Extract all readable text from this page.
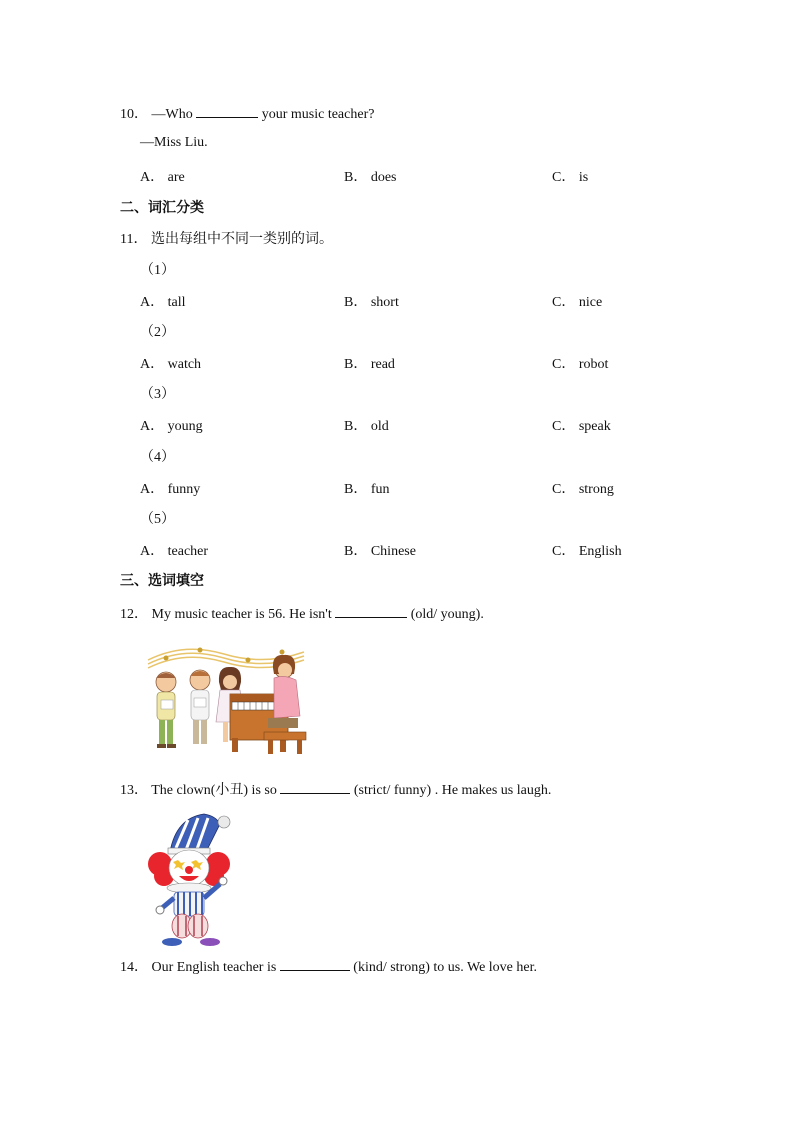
10． —Who	your music teacher?
—Miss Liu.
A． are	B． does	C． is
二、词汇分类
11． 选出每组中不同一类别的词。
（1）
A． tall	B． short	C． nice
（2）
A． watch	B． read	C． robot
（3）
A． young	B． old	C． speak
（4）
A． funny	B． fun	C． strong
（5）
A． teacher	B． Chinese	C． English
三、选词填空
12． My music teacher is 56. He isn't	(old/ young).
13． The clown(小丑) is so	(strict/ funny) . He makes us laugh.
14． Our English teacher is	(kind/ strong) to us. We love her.
